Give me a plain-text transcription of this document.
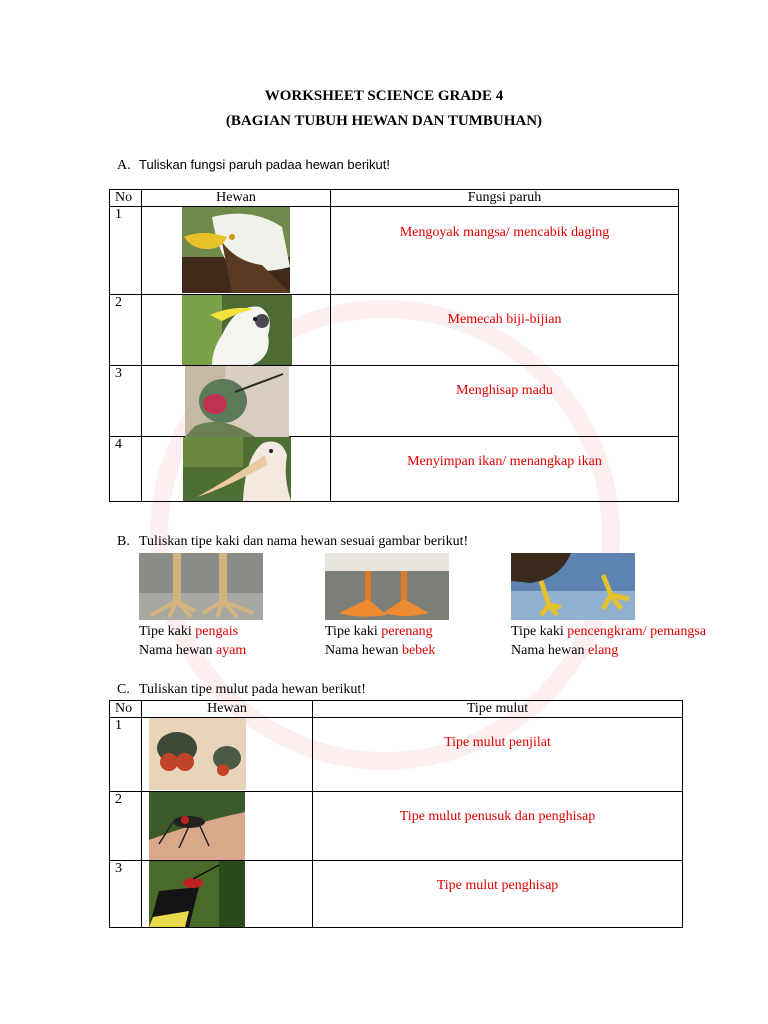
WORKSHEET SCIENCE GRADE 4
(BAGIAN TUBUH HEWAN DAN TUMBUHAN)
A. Tuliskan fungsi paruh padaa hewan berikut!
No	Hewan	Fungsi paruh
1		Mengoyak mangsa/ mencabik daging
2		Memecah biji-bijian
3		Menghisap madu
4		Menyimpan ikan/ menangkap ikan
B. Tuliskan tipe kaki dan nama hewan sesuai gambar berikut!
Tipe kaki pengais
Nama hewan ayam
Tipe kaki perenang
Nama hewan bebek
Tipe kaki pencengkram/ pemangsa
Nama hewan elang
C. Tuliskan tipe mulut pada hewan berikut!
No	Hewan	Tipe mulut
1		Tipe mulut penjilat
2		Tipe mulut penusuk dan penghisap
3		Tipe mulut penghisap
